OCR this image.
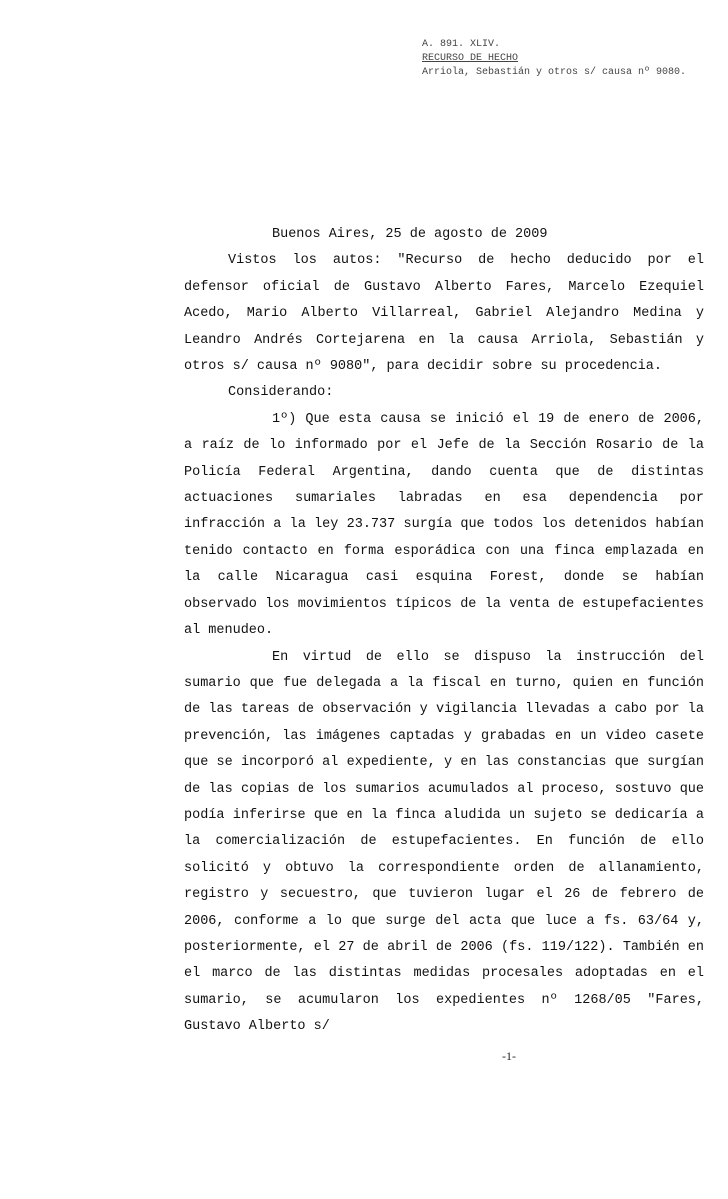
A. 891. XLIV.
RECURSO DE HECHO
Arriola, Sebastián y otros s/ causa nº 9080.

Buenos Aires, 25 de agosto de 2009

Vistos los autos: "Recurso de hecho deducido por el defensor oficial de Gustavo Alberto Fares, Marcelo Ezequiel Acedo, Mario Alberto Villarreal, Gabriel Alejandro Medina y Leandro Andrés Cortejarena en la causa Arriola, Sebastián y otros s/ causa nº 9080", para decidir sobre su procedencia.

Considerando:

1º) Que esta causa se inició el 19 de enero de 2006, a raíz de lo informado por el Jefe de la Sección Rosario de la Policía Federal Argentina, dando cuenta que de distintas actuaciones sumariales labradas en esa dependencia por infracción a la ley 23.737 surgía que todos los detenidos habían tenido contacto en forma esporádica con una finca emplazada en la calle Nicaragua casi esquina Forest, donde se habían observado los movimientos típicos de la venta de estupefacientes al menudeo.

En virtud de ello se dispuso la instrucción del sumario que fue delegada a la fiscal en turno, quien en función de las tareas de observación y vigilancia llevadas a cabo por la prevención, las imágenes captadas y grabadas en un video casete que se incorporó al expediente, y en las constancias que surgían de las copias de los sumarios acumulados al proceso, sostuvo que podía inferirse que en la finca aludida un sujeto se dedicaría a la comercialización de estupefacientes. En función de ello solicitó y obtuvo la correspondiente orden de allanamiento, registro y secuestro, que tuvieron lugar el 26 de febrero de 2006, conforme a lo que surge del acta que luce a fs. 63/64 y, posteriormente, el 27 de abril de 2006 (fs. 119/122). También en el marco de las distintas medidas procesales adoptadas en el sumario, se acumularon los expedientes nº 1268/05 "Fares, Gustavo Alberto s/

-1-
